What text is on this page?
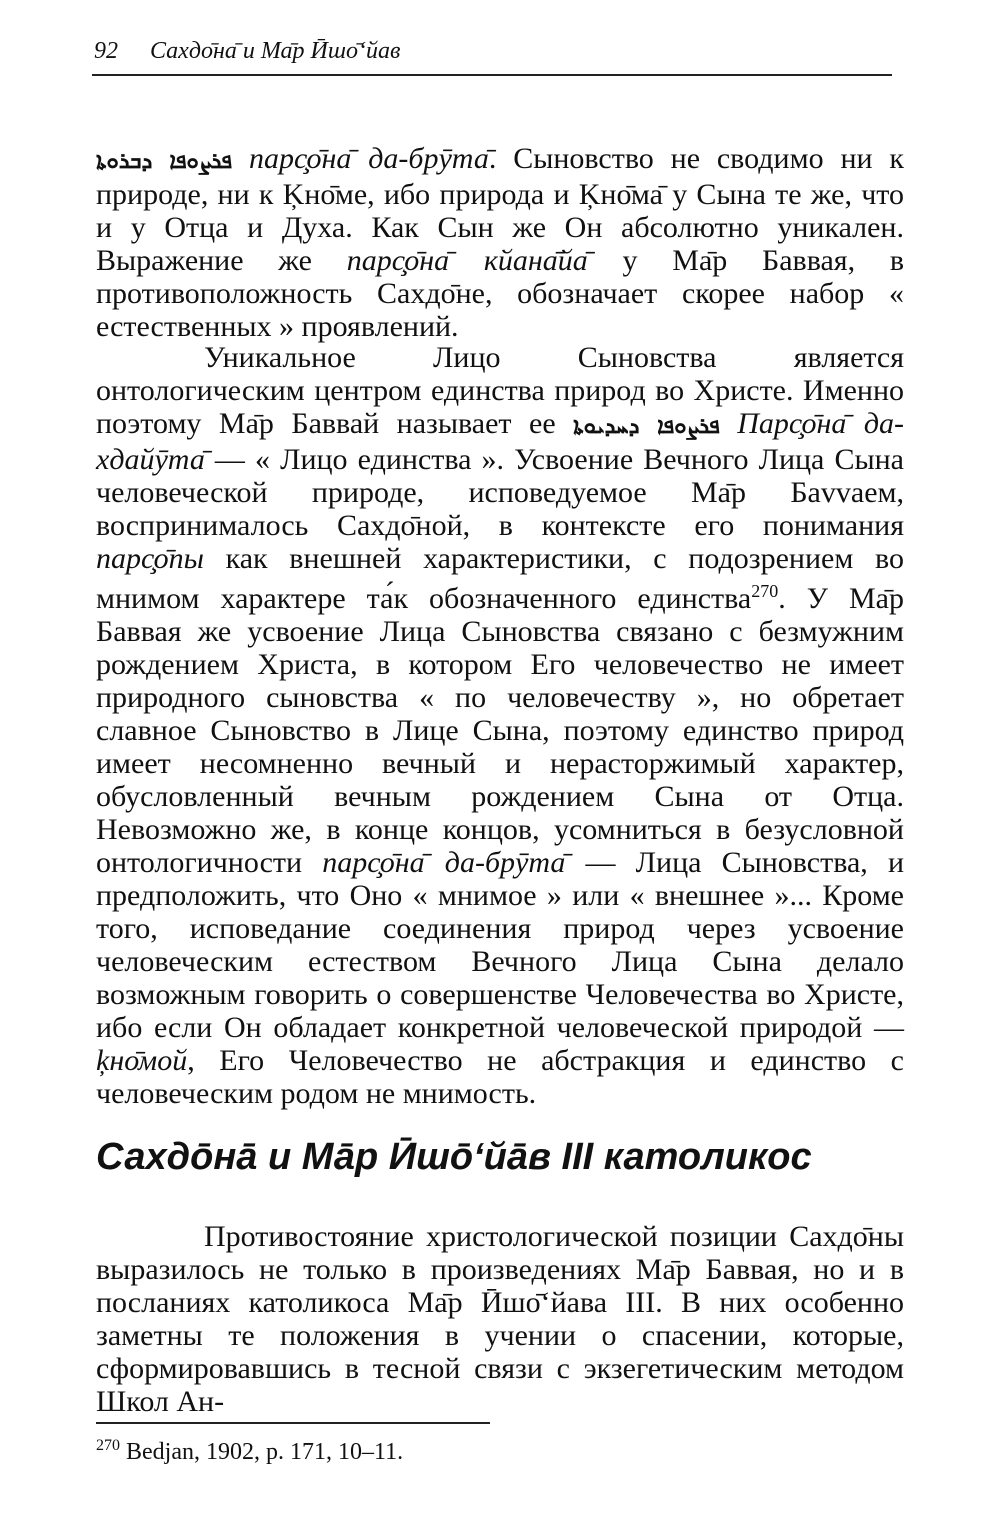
92 Сахдо̄на̄ и Ма̄р Ӣшо̄‘йав

ܦܪܨܘܦܐ ܕܒܪܘܬܐ парс̧о̄на̄ да-брӯта̄. Сыновство не сводимо ни к природе, ни к Ķно̄ме, ибо природа и Ķно̄ма̄ у Сына те же, что и у Отца и Духа. Как Сын же Он абсолютно уникален. Выражение же парс̧о̄на̄ кйана̄йа̄ у Ма̄р Баввая, в противоположность Сахдо̄не, обозначает скорее набор « естественных » проявлений.

Уникальное Лицо Сыновства является онтологическим центром единства природ во Христе. Именно поэтому Ма̄р Баввай называет ее ܦܪܨܘܦܐ ܕܚܕܝܘܬܐ Парс̧о̄на̄ да-хдайӯта̄ — « Лицо единства ». Усвоение Вечного Лица Сына человеческой природе, исповедуемое Ма̄р Бavvаем, воспринималось Сахдо̄ной, в контексте его понимания парс̧о̄пы как внешней характеристики, с подозрением во мнимом характере та́к обозначенного единства$^{270}$. У Ма̄р Баввая же усвоение Лица Сыновства связано с безмужним рождением Христа, в котором Его человечество не имеет природного сыновства « по человечеству », но обретает славное Сыновство в Лице Сына, поэтому единство природ имеет несомненно вечный и нерасторжимый характер, обусловленный вечным рождением Сына от Отца. Невозможно же, в конце концов, усомниться в безусловной онтологичности парс̧о̄на̄ да-брӯта̄ — Лица Сыновства, и предположить, что Оно « мнимое » или « внешнее »... Кроме того, исповедание соединения природ через усвоение человеческим естеством Вечного Лица Сына делало возможным говорить о совершенстве Человечества во Христе, ибо если Он обладает конкретной человеческой природой — ķно̄мой, Его Человечество не абстракция и единство с человеческим родом не мнимость.

Сахдо̄на̄ и Ма̄р Ӣшо̄‘йа̄в III католикос

Противостояние христологической позиции Сахдо̄ны выразилось не только в произведениях Ма̄р Баввая, но и в посланиях католикоса Ма̄р Ӣшо̄‘йава III. В них особенно заметны те положения в учении о спасении, которые, сформировавшись в тесной связи с экзегетическим методом Школ Ан-

$^{270}$ Bedjan, 1902, p. 171, 10–11.
